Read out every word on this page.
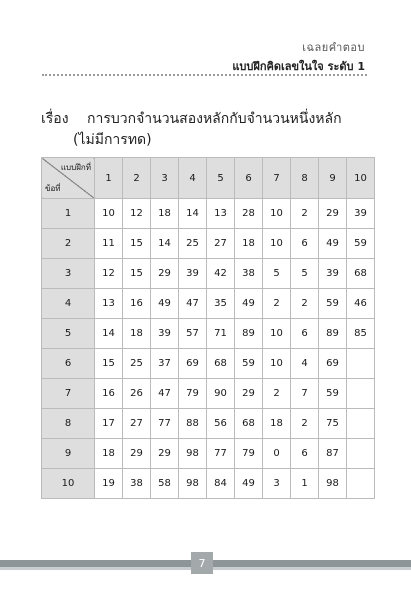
เฉลยคำตอบ
แบบฝึกคิดเลขในใจ ระดับ 1
เรื่อง การบวกจำนวนสองหลักกับจำนวนหนึ่งหลัก
(ไม่มีการทด)
แบบฝึกที่
ข้อที่	1	2	3	4	5	6	7	8	9	10
1	10	12	18	14	13	28	10	2	29	39
2	11	15	14	25	27	18	10	6	49	59
3	12	15	29	39	42	38	5	5	39	68
4	13	16	49	47	35	49	2	2	59	46
5	14	18	39	57	71	89	10	6	89	85
6	15	25	37	69	68	59	10	4	69	
7	16	26	47	79	90	29	2	7	59	
8	17	27	77	88	56	68	18	2	75	
9	18	29	29	98	77	79	0	6	87	
10	19	38	58	98	84	49	3	1	98	
7
